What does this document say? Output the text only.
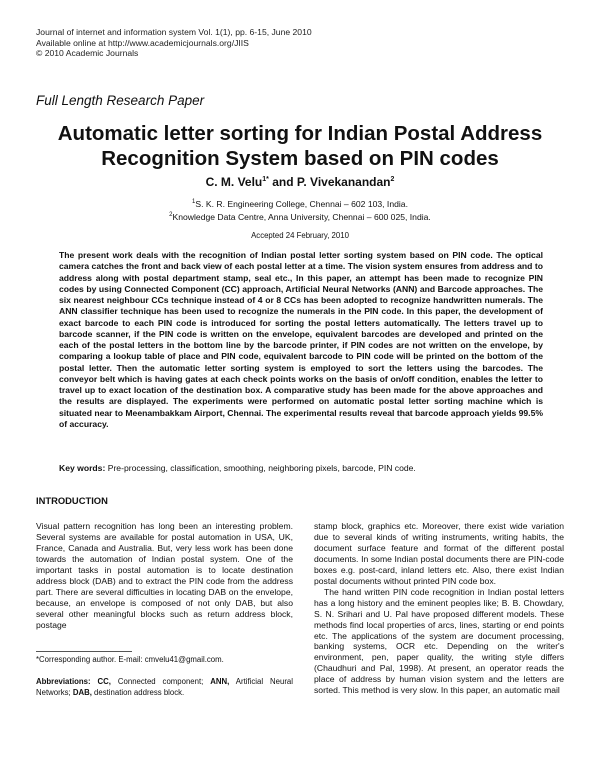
Journal of internet and information system Vol. 1(1), pp. 6-15, June 2010
Available online at http://www.academicjournals.org/JIIS
© 2010 Academic Journals
Full Length Research Paper
Automatic letter sorting for Indian Postal Address
Recognition System based on PIN codes
C. M. Velu$^{1*}$ and P. Vivekanandan$^2$
$^1$S. K. R. Engineering College, Chennai – 602 103, India.
$^2$Knowledge Data Centre, Anna University, Chennai – 600 025, India.
Accepted 24 February, 2010
The present work deals with the recognition of Indian postal letter sorting system based on PIN code. The optical camera catches the front and back view of each postal letter at a time. The vision system ensures from address and to address along with postal department stamp, seal etc., In this paper, an attempt has been made to recognize PIN codes by using Connected Component (CC) approach, Artificial Neural Networks (ANN) and Barcode approaches. The six nearest neighbour CCs technique instead of 4 or 8 CCs has been adopted to recognize handwritten numerals. The ANN classifier technique has been used to recognize the numerals in the PIN code. In this paper, the development of exact barcode to each PIN code is introduced for sorting the postal letters automatically. The letters travel up to barcode scanner, if the PIN code is written on the envelope, equivalent barcodes are developed and printed on the each of the postal letters in the bottom line by the barcode printer, if PIN codes are not written on the envelope, by comparing a lookup table of place and PIN code, equivalent barcode to PIN code will be printed on the bottom of the postal letter. Then the automatic letter sorting system is employed to sort the letters using the barcodes. The conveyor belt which is having gates at each check points works on the basis of on/off condition, enables the letter to travel up to exact location of the destination box. A comparative study has been made for the above approaches and the results are displayed. The experiments were performed on automatic postal letter sorting machine which is situated near to Meenambakkam Airport, Chennai. The experimental results reveal that barcode approach yields 99.5% of accuracy.
Key words: Pre-processing, classification, smoothing, neighboring pixels, barcode, PIN code.
INTRODUCTION

Visual pattern recognition has long been an interesting problem. Several systems are available for postal automation in USA, UK, France, Canada and Australia. But, very less work has been done towards the automation of Indian postal system. One of the important tasks in postal automation is to locate destination address block (DAB) and to extract the PIN code from the address part. There are several difficulties in locating DAB on the envelope, because, an envelope is composed of not only DAB, but also several other meaningful blocks such as return address block, postage

stamp block, graphics etc. Moreover, there exist wide variation due to several kinds of writing instruments, writing habits, the document surface feature and format of the different postal documents. In some Indian postal documents there are PIN-code boxes e.g. post-card, inland letters etc. Also, there exist Indian postal documents without printed PIN code box.

The hand written PIN code recognition in Indian postal letters has a long history and the eminent peoples like; B. B. Chowdary, S. N. Srihari and U. Pal have proposed different models. These methods find local properties of arcs, lines, starting or end points etc. The applications of the system are document processing, banking systems, OCR etc. Depending on the writer's environment, pen, paper quality, the writing style differs (Chaudhuri and Pal, 1998). At present, an operator reads the place of address by human vision system and the letters are sorted. This method is very slow. In this paper, an automatic mail

*Corresponding author. E-mail: cmvelu41@gmail.com.
Abbreviations: CC, Connected component; ANN, Artificial Neural Networks; DAB, destination address block.
